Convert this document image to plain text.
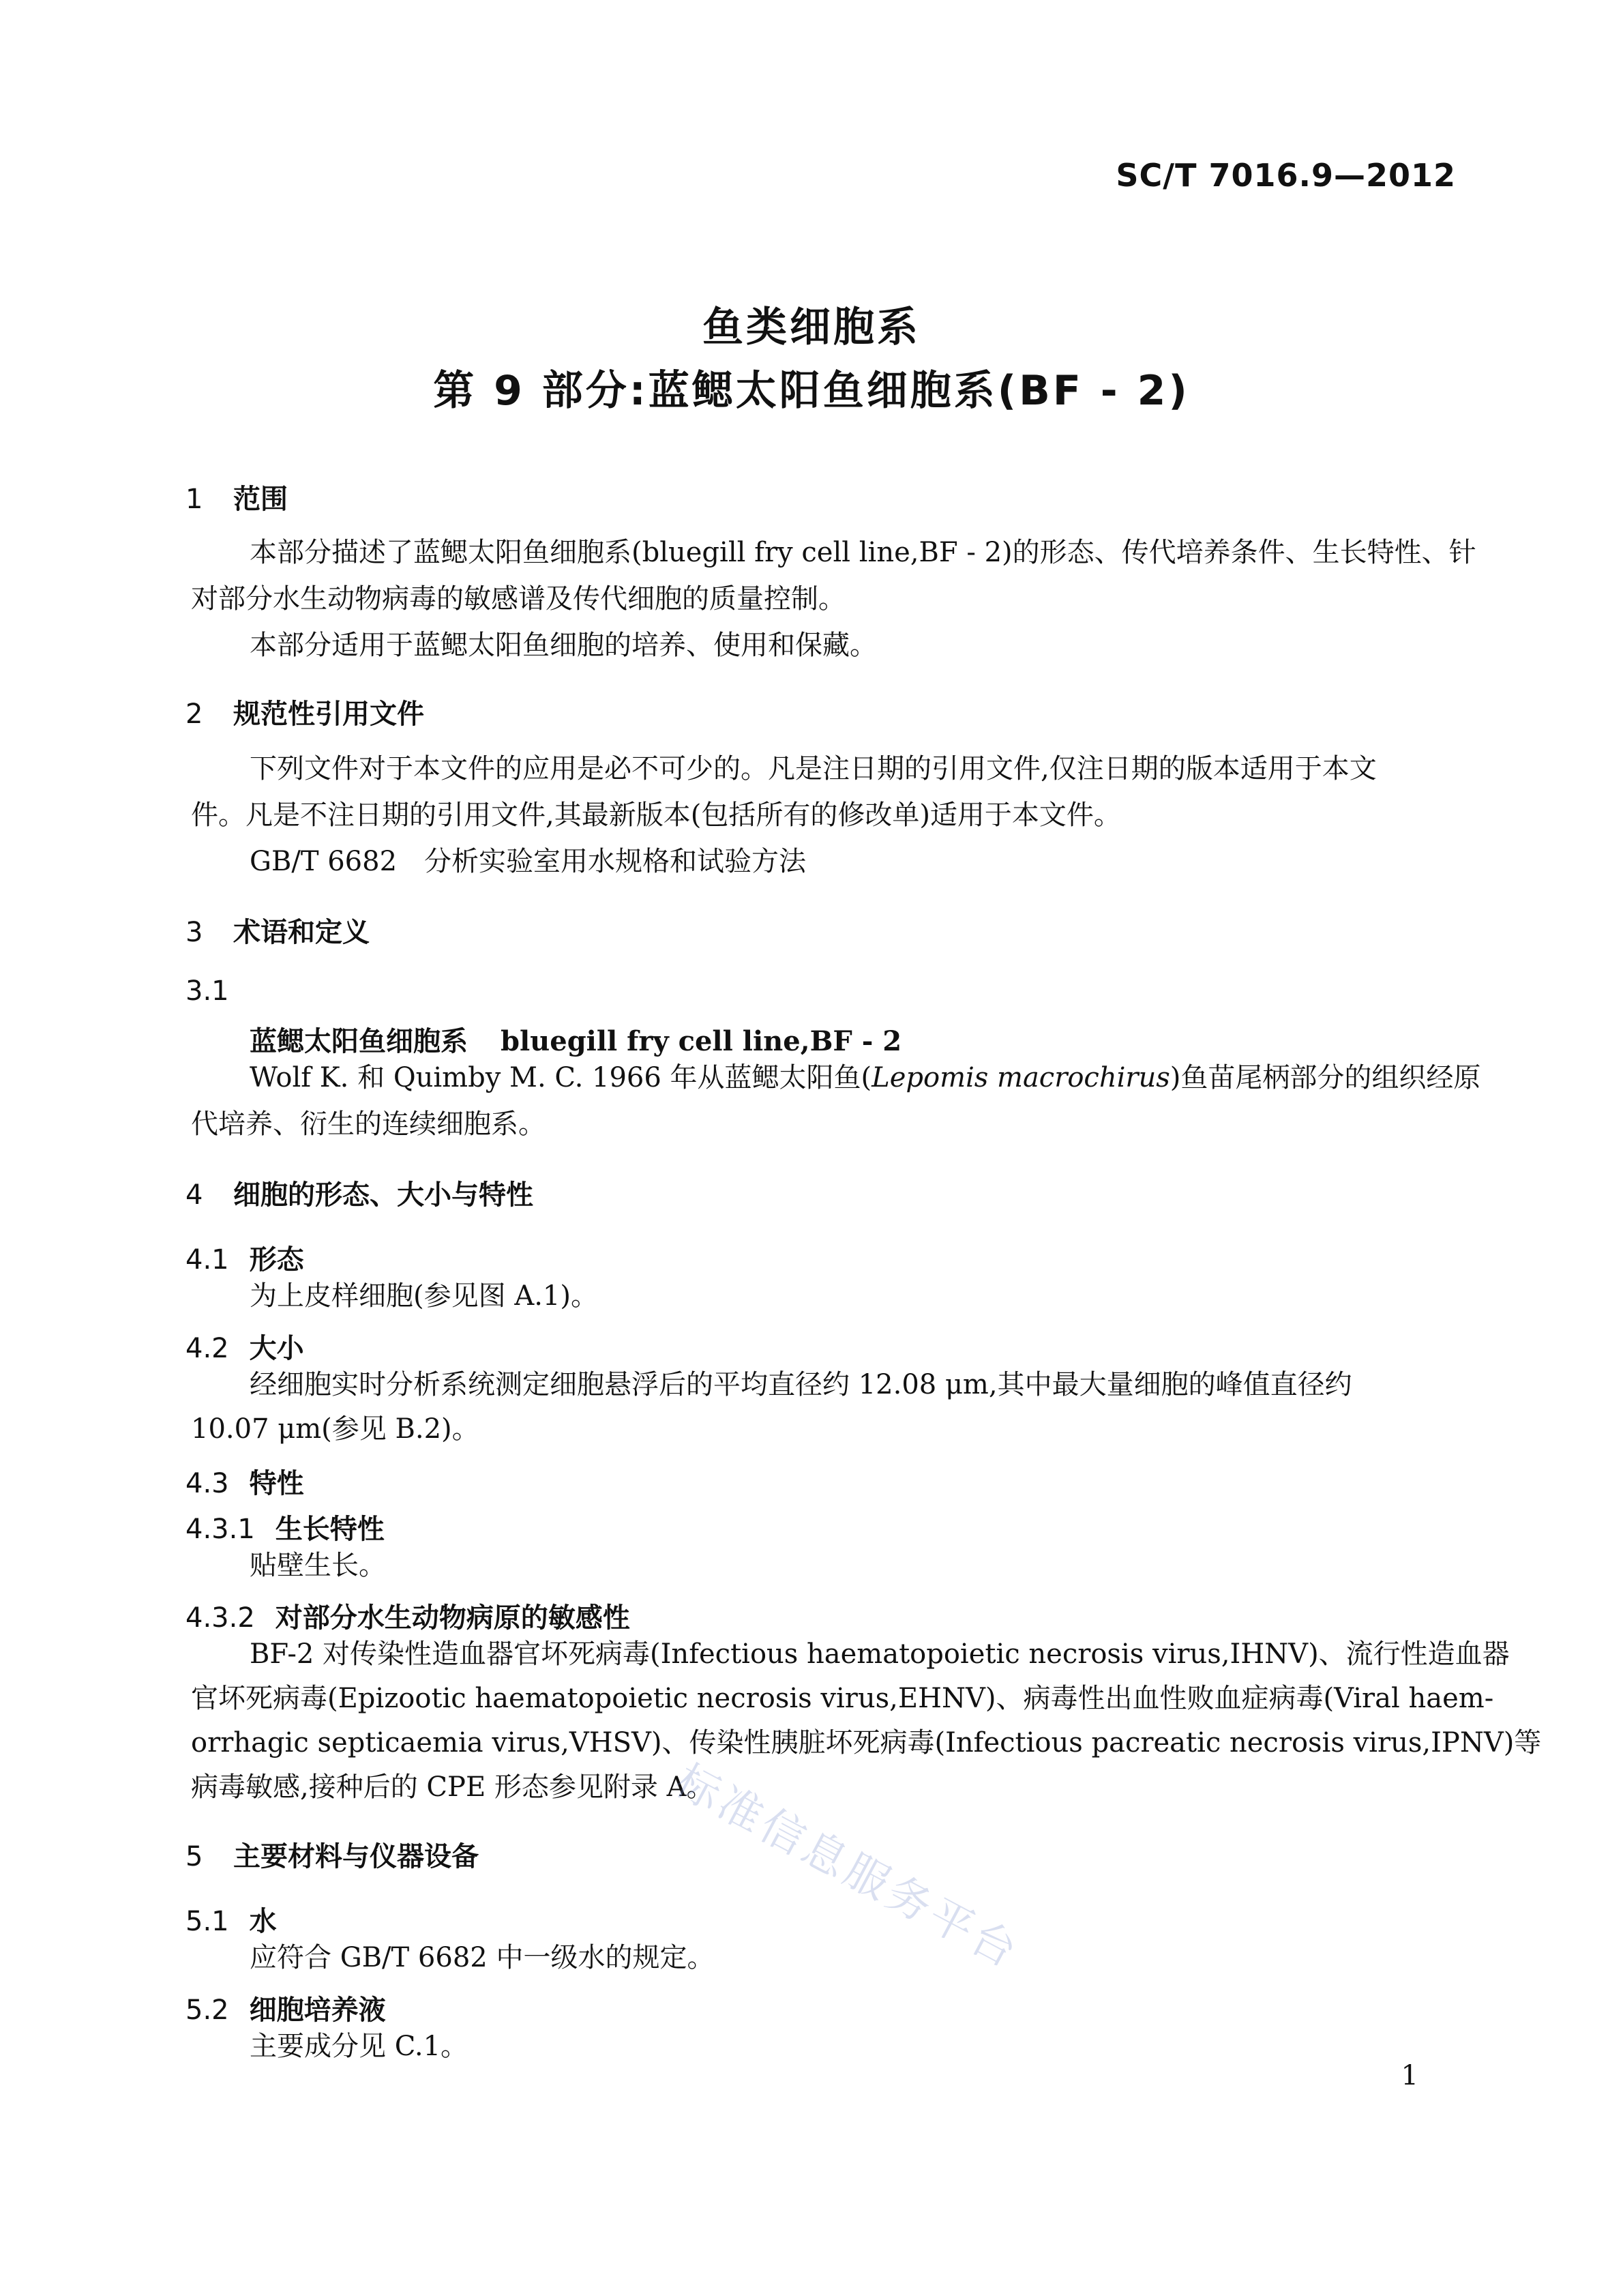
SC/T 7016.9—2012
鱼类细胞系
第 9 部分:蓝鳃太阳鱼细胞系(BF - 2)
1 范围
本部分描述了蓝鳃太阳鱼细胞系(bluegill fry cell line,BF - 2)的形态、传代培养条件、生长特性、针
对部分水生动物病毒的敏感谱及传代细胞的质量控制。
本部分适用于蓝鳃太阳鱼细胞的培养、使用和保藏。
2 规范性引用文件
下列文件对于本文件的应用是必不可少的。凡是注日期的引用文件,仅注日期的版本适用于本文
件。凡是不注日期的引用文件,其最新版本(包括所有的修改单)适用于本文件。
GB/T 6682 分析实验室用水规格和试验方法
3 术语和定义
3.1
蓝鳃太阳鱼细胞系 bluegill fry cell line,BF - 2
Wolf K. 和 Quimby M. C. 1966 年从蓝鳃太阳鱼(Lepomis macrochirus)鱼苗尾柄部分的组织经原
代培养、衍生的连续细胞系。
4 细胞的形态、大小与特性
4.1 形态
为上皮样细胞(参见图 A.1)。
4.2 大小
经细胞实时分析系统测定细胞悬浮后的平均直径约 12.08 μm,其中最大量细胞的峰值直径约
10.07 μm(参见 B.2)。
4.3 特性
4.3.1 生长特性
贴壁生长。
4.3.2 对部分水生动物病原的敏感性
BF-2 对传染性造血器官坏死病毒(Infectious haematopoietic necrosis virus,IHNV)、流行性造血器
官坏死病毒(Epizootic haematopoietic necrosis virus,EHNV)、病毒性出血性败血症病毒(Viral haem-
orrhagic septicaemia virus,VHSV)、传染性胰脏坏死病毒(Infectious pacreatic necrosis virus,IPNV)等
病毒敏感,接种后的 CPE 形态参见附录 A。
5 主要材料与仪器设备
5.1 水
应符合 GB/T 6682 中一级水的规定。
5.2 细胞培养液
主要成分见 C.1。
1
标准信息服务平台
